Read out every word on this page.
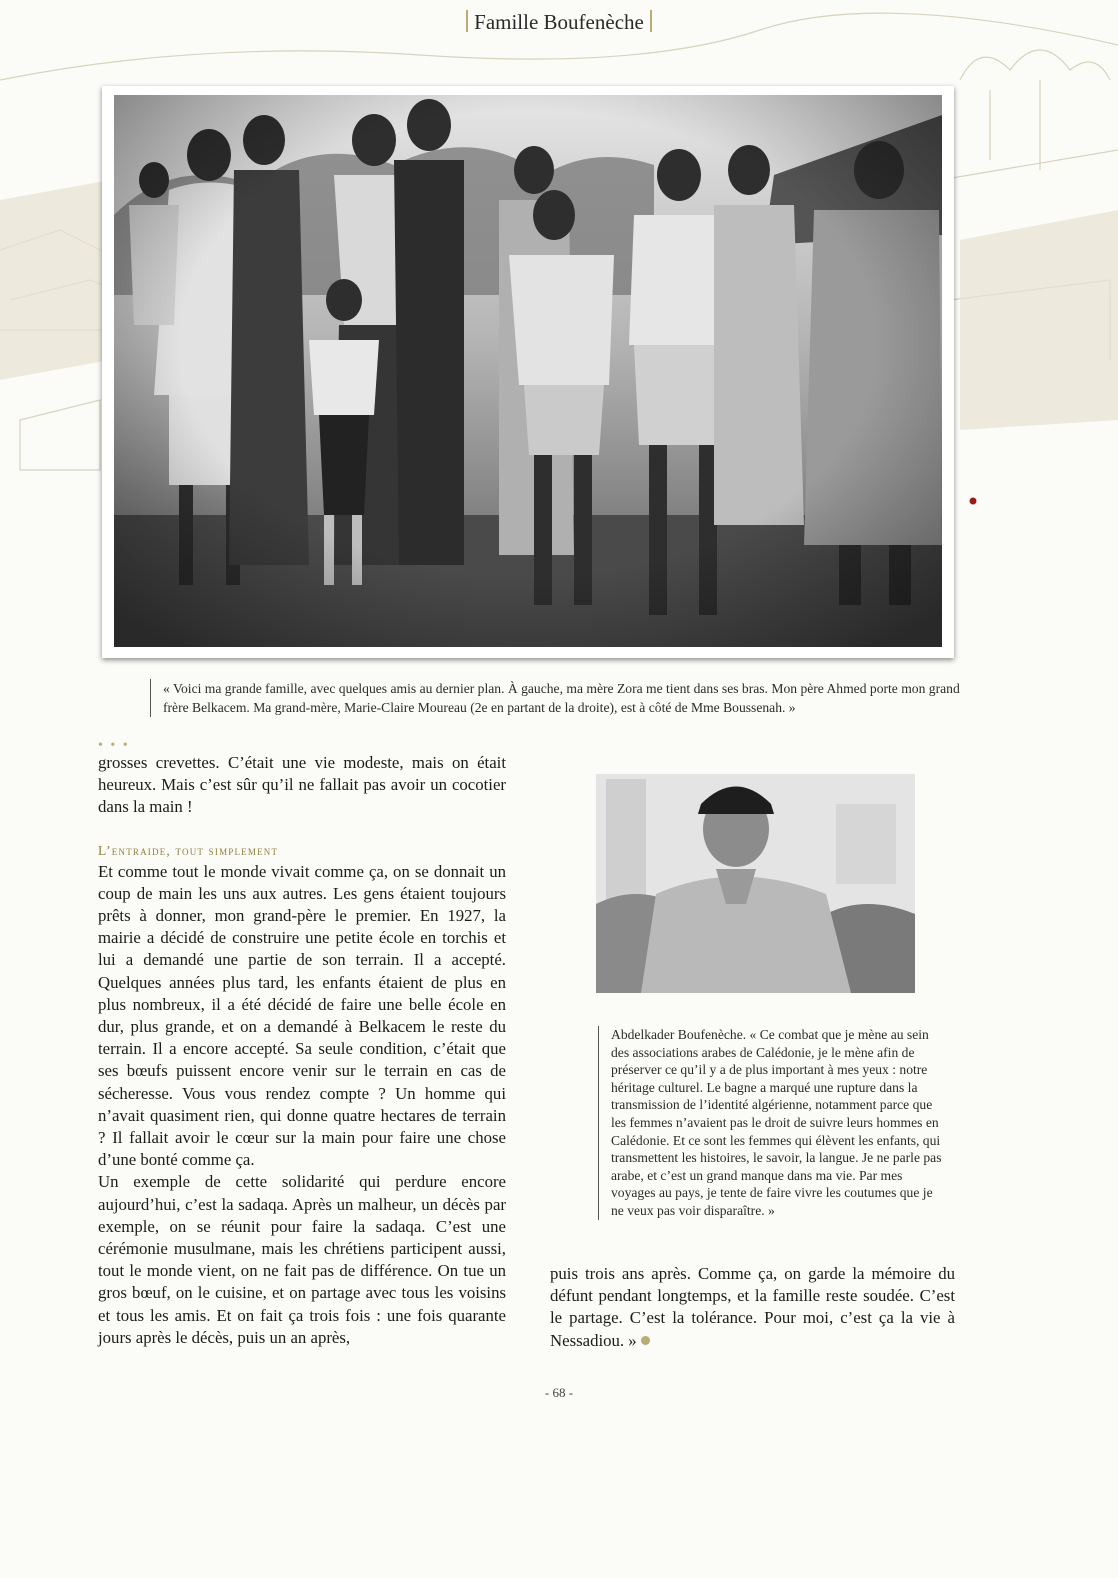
Famille Boufenèche
« Voici ma grande famille, avec quelques amis au dernier plan. À gauche, ma mère Zora me tient dans ses bras. Mon père Ahmed porte mon grand frère Belkacem. Ma grand-mère, Marie-Claire Moureau (2e en partant de la droite), est à côté de Mme Boussenah. »
• • •

grosses crevettes. C’était une vie modeste, mais on était heureux. Mais c’est sûr qu’il ne fallait pas avoir un cocotier dans la main !

L’entraide, tout simplement

Et comme tout le monde vivait comme ça, on se donnait un coup de main les uns aux autres. Les gens étaient toujours prêts à donner, mon grand-père le premier. En 1927, la mairie a décidé de construire une petite école en torchis et lui a demandé une partie de son terrain. Il a accepté. Quelques années plus tard, les enfants étaient de plus en plus nombreux, il a été décidé de faire une belle école en dur, plus grande, et on a demandé à Belkacem le reste du terrain. Il a encore accepté. Sa seule condition, c’était que ses bœufs puissent encore venir sur le terrain en cas de sécheresse. Vous vous rendez compte ? Un homme qui n’avait quasiment rien, qui donne quatre hectares de terrain ? Il fallait avoir le cœur sur la main pour faire une chose d’une bonté comme ça.

Un exemple de cette solidarité qui perdure encore aujourd’hui, c’est la sadaqa. Après un malheur, un décès par exemple, on se réunit pour faire la sadaqa. C’est une cérémonie musulmane, mais les chrétiens participent aussi, tout le monde vient, on ne fait pas de différence. On tue un gros bœuf, on le cuisine, et on partage avec tous les voisins et tous les amis. Et on fait ça trois fois : une fois quarante jours après le décès, puis un an après,

Abdelkader Boufenèche. « Ce combat que je mène au sein des associations arabes de Calédonie, je le mène afin de préserver ce qu’il y a de plus important à mes yeux : notre héritage culturel. Le bagne a marqué une rupture dans la transmission de l’identité algérienne, notamment parce que les femmes n’avaient pas le droit de suivre leurs hommes en Calédonie. Et ce sont les femmes qui élèvent les enfants, qui transmettent les histoires, le savoir, la langue. Je ne parle pas arabe, et c’est un grand manque dans ma vie. Par mes voyages au pays, je tente de faire vivre les coutumes que je ne veux pas voir disparaître. »

puis trois ans après. Comme ça, on garde la mémoire du défunt pendant longtemps, et la famille reste soudée. C’est le partage. C’est la tolérance. Pour moi, c’est ça la vie à Nessadiou. »

- 68 -
